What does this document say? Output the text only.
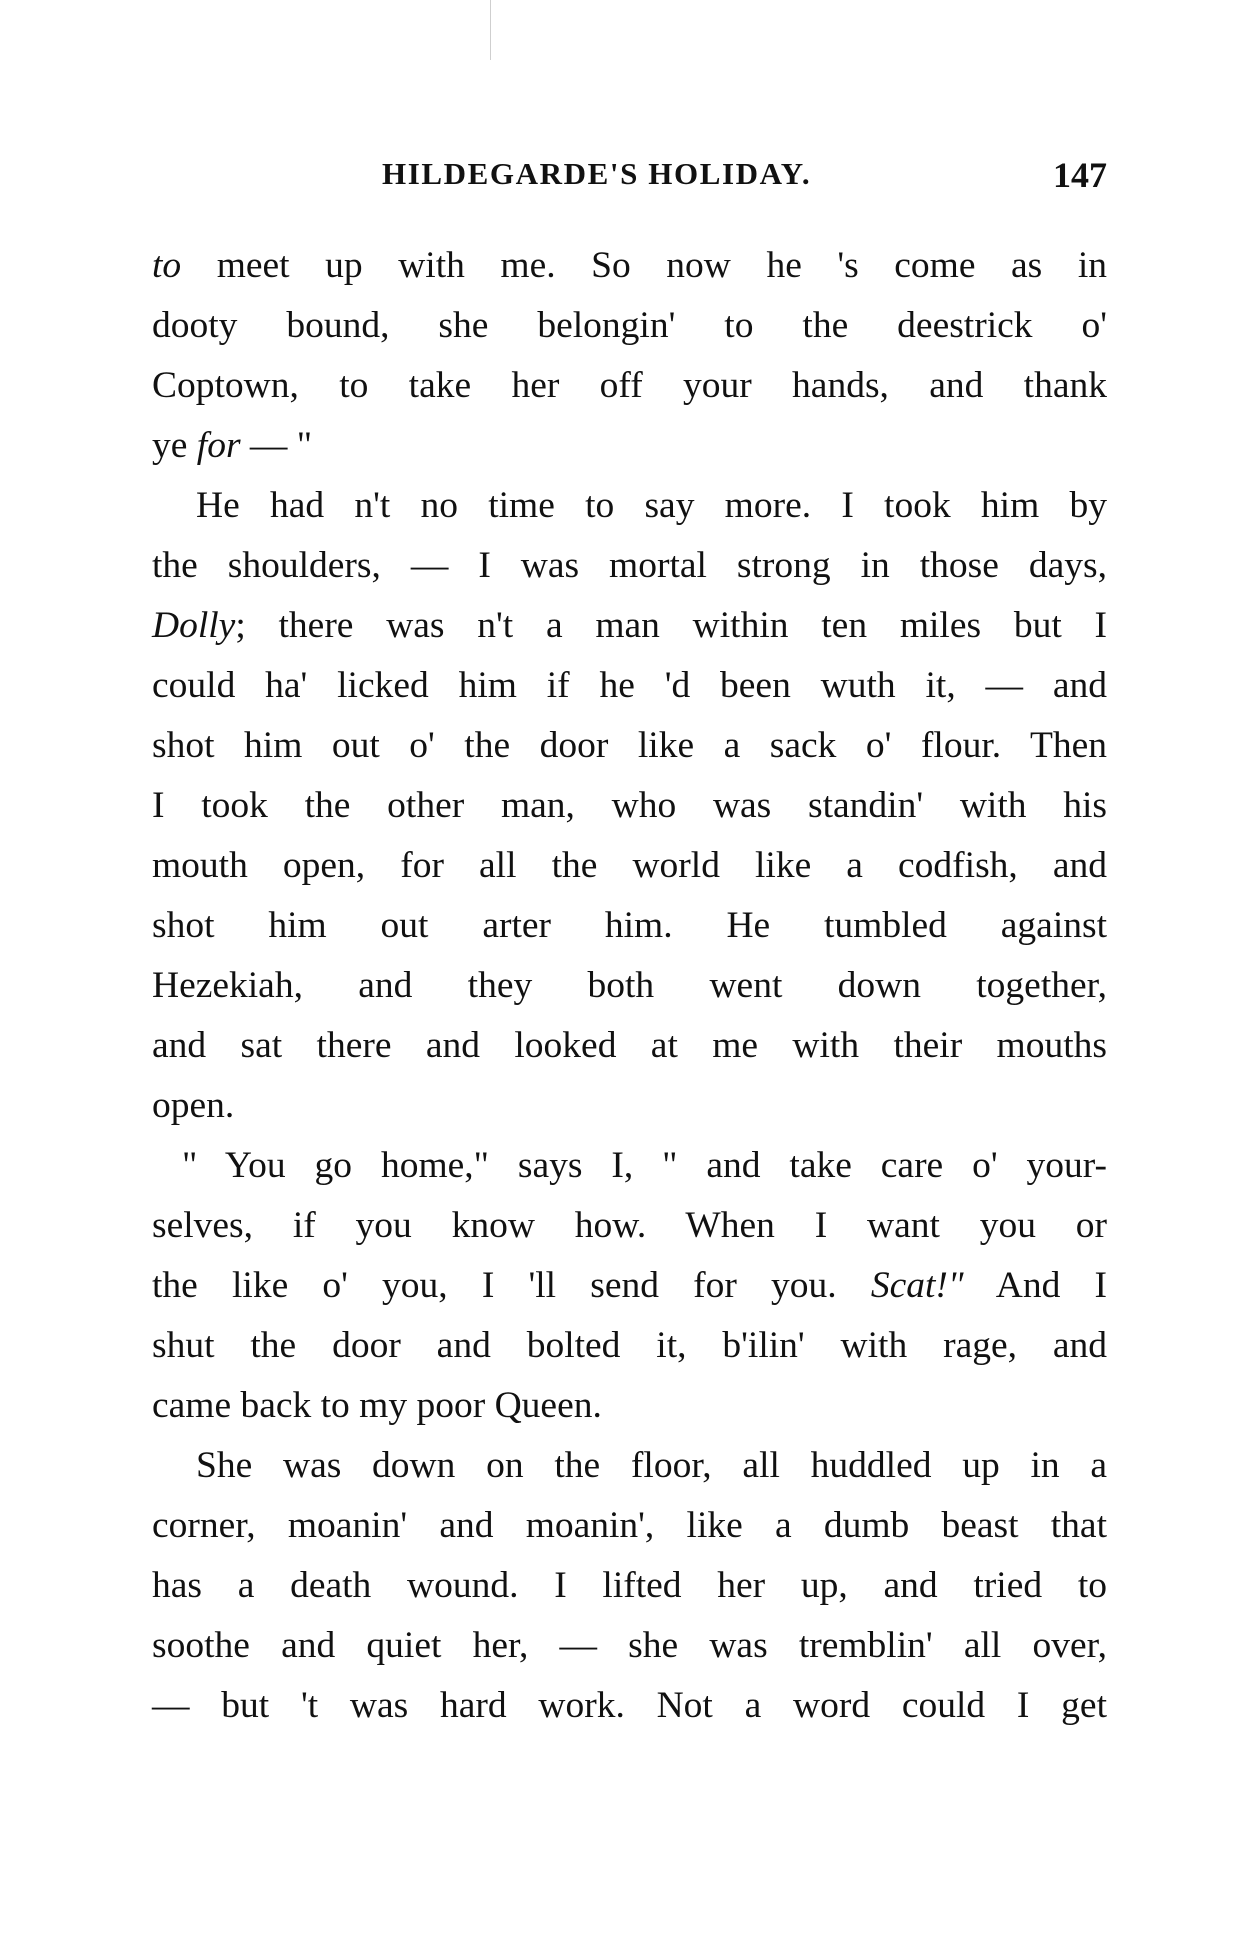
HILDEGARDE'S HOLIDAY.	147

to meet up with me. So now he 's come as in
dooty bound, she belongin' to the deestrick o'
Coptown, to take her off your hands, and thank
ye for — "

He had n't no time to say more. I took him by
the shoulders, — I was mortal strong in those days,
Dolly; there was n't a man within ten miles but I
could ha' licked him if he 'd been wuth it, — and
shot him out o' the door like a sack o' flour. Then
I took the other man, who was standin' with his
mouth open, for all the world like a codfish, and
shot him out arter him. He tumbled against
Hezekiah, and they both went down together,
and sat there and looked at me with their mouths
open.

" You go home," says I, " and take care o' your-
selves, if you know how. When I want you or
the like o' you, I 'll send for you. Scat!" And I
shut the door and bolted it, b'ilin' with rage, and
came back to my poor Queen.

She was down on the floor, all huddled up in a
corner, moanin' and moanin', like a dumb beast that
has a death wound. I lifted her up, and tried to
soothe and quiet her, — she was tremblin' all over,
— but 't was hard work. Not a word could I get
